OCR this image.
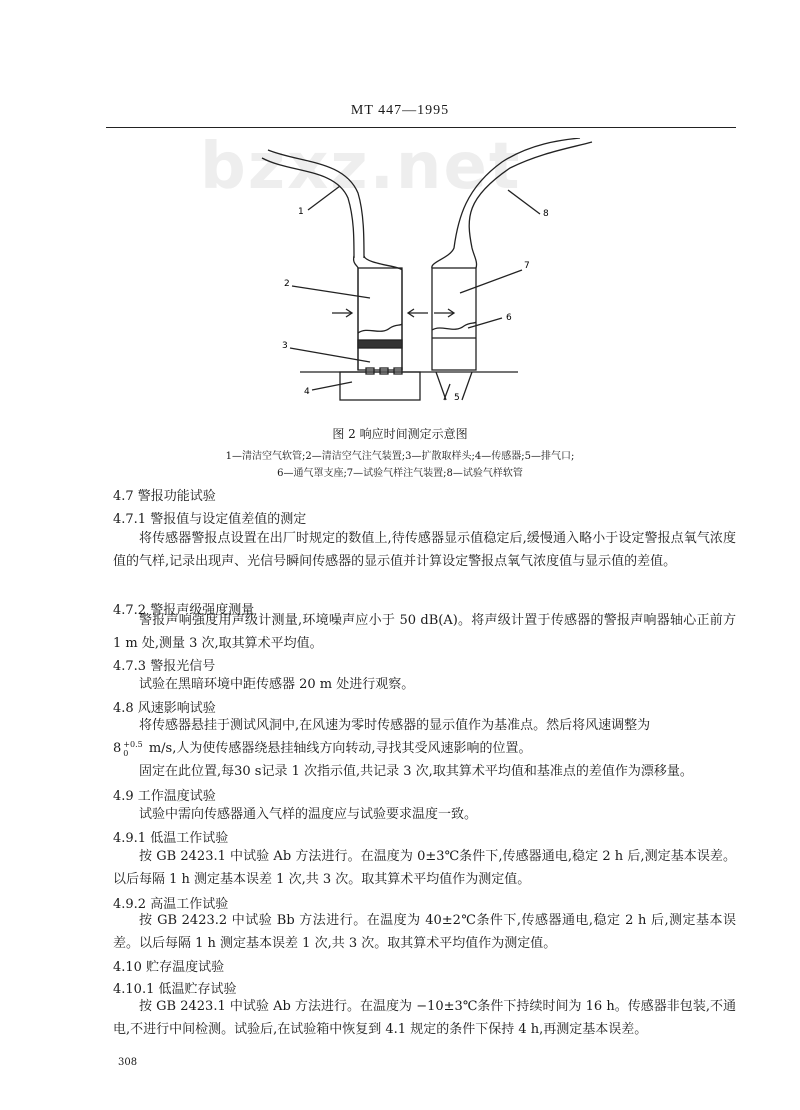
MT 447—1995
bzxz.net
1
2
3
4
5
6
7
8
图 2 响应时间测定示意图
1—清洁空气软管;2—清洁空气注气装置;3—扩散取样头;4—传感器;5—排气口;
6—通气罩支座;7—试验气样注气装置;8—试验气样软管
4.7 警报功能试验
4.7.1 警报值与设定值差值的测定
将传感器警报点设置在出厂时规定的数值上,待传感器显示值稳定后,缓慢通入略小于设定警报点氧气浓度值的气样,记录出现声、光信号瞬间传感器的显示值并计算设定警报点氧气浓度值与显示值的差值。
4.7.2 警报声级强度测量
警报声响强度用声级计测量,环境噪声应小于 50 dB(A)。将声级计置于传感器的警报声响器轴心正前方 1 m 处,测量 3 次,取其算术平均值。
4.7.3 警报光信号
试验在黑暗环境中距传感器 20 m 处进行观察。
4.8 风速影响试验
将传感器悬挂于测试风洞中,在风速为零时传感器的显示值作为基准点。然后将风速调整为
8 +0.5
0	m/s,人为使传感器绕悬挂轴线方向转动,寻找其受风速影响的位置。
固定在此位置,每30 s记录 1 次指示值,共记录 3 次,取其算术平均值和基准点的差值作为漂移量。
4.9 工作温度试验
试验中需向传感器通入气样的温度应与试验要求温度一致。
4.9.1 低温工作试验
按 GB 2423.1 中试验 Ab 方法进行。在温度为 0±3℃条件下,传感器通电,稳定 2 h 后,测定基本误差。以后每隔 1 h 测定基本误差 1 次,共 3 次。取其算术平均值作为测定值。
4.9.2 高温工作试验
按 GB 2423.2 中试验 Bb 方法进行。在温度为 40±2℃条件下,传感器通电,稳定 2 h 后,测定基本误差。以后每隔 1 h 测定基本误差 1 次,共 3 次。取其算术平均值作为测定值。
4.10 贮存温度试验
4.10.1 低温贮存试验
按 GB 2423.1 中试验 Ab 方法进行。在温度为 −10±3℃条件下持续时间为 16 h。传感器非包装,不通电,不进行中间检测。试验后,在试验箱中恢复到 4.1 规定的条件下保持 4 h,再测定基本误差。
308
